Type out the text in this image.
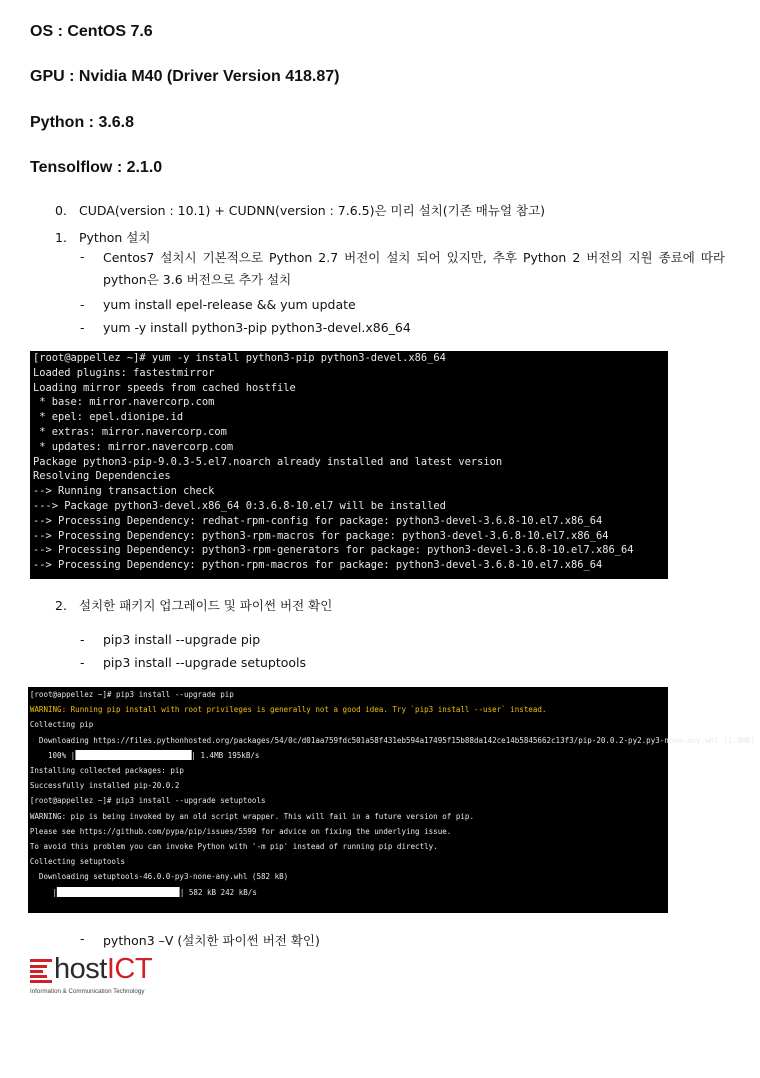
OS : CentOS 7.6
GPU : Nvidia M40 (Driver Version 418.87)
Python : 3.6.8
Tensolflow : 2.1.0
0. CUDA(version : 10.1) + CUDNN(version : 7.6.5)은 미리 설치(기존 매뉴얼 참고)
1. Python 설치
- Centos7 설치시 기본적으로 Python 2.7 버전이 설치 되어 있지만, 추후 Python 2 버전의 지원 종료에 따라 python은 3.6 버전으로 추가 설치
- yum install epel-release && yum update
- yum -y install python3-pip python3-devel.x86_64
[root@appellez ~]# yum -y install python3-pip python3-devel.x86_64
Loaded plugins: fastestmirror
Loading mirror speeds from cached hostfile
* base: mirror.navercorp.com
* epel: epel.dionipe.id
* extras: mirror.navercorp.com
* updates: mirror.navercorp.com
Package python3-pip-9.0.3-5.el7.noarch already installed and latest version
Resolving Dependencies
--> Running transaction check
---> Package python3-devel.x86_64 0:3.6.8-10.el7 will be installed
--> Processing Dependency: redhat-rpm-config for package: python3-devel-3.6.8-10.el7.x86_64
--> Processing Dependency: python3-rpm-macros for package: python3-devel-3.6.8-10.el7.x86_64
--> Processing Dependency: python3-rpm-generators for package: python3-devel-3.6.8-10.el7.x86_64
--> Processing Dependency: python-rpm-macros for package: python3-devel-3.6.8-10.el7.x86_64
2. 설치한 패키지 업그레이드 및 파이썬 버전 확인
- pip3 install --upgrade pip
- pip3 install --upgrade setuptools
[root@appellez ~]# pip3 install --upgrade pip
WARNING: Running pip install with root privileges is generally not a good idea. Try `pip3 install --user` instead.
Collecting pip
Downloading https://files.pythonhosted.org/packages/54/0c/d01aa759fdc501a58f431eb594a17495f15b88da142ce14b5845662c13f3/pip-20.0.2-py2.py3-none-any.whl (1.4MB)
100% |	| 1.4MB 195kB/s
Installing collected packages: pip
Successfully installed pip-20.0.2
[root@appellez ~]# pip3 install --upgrade setuptools
WARNING: pip is being invoked by an old script wrapper. This will fail in a future version of pip.
Please see https://github.com/pypa/pip/issues/5599 for advice on fixing the underlying issue.
To avoid this problem you can invoke Python with '-m pip' instead of running pip directly.
Collecting setuptools
Downloading setuptools-46.0.0-py3-none-any.whl (582 kB)
|	| 582 kB 242 kB/s
- python3 –V (설치한 파이썬 버전 확인)
hostICT
Information & Communication Technology
